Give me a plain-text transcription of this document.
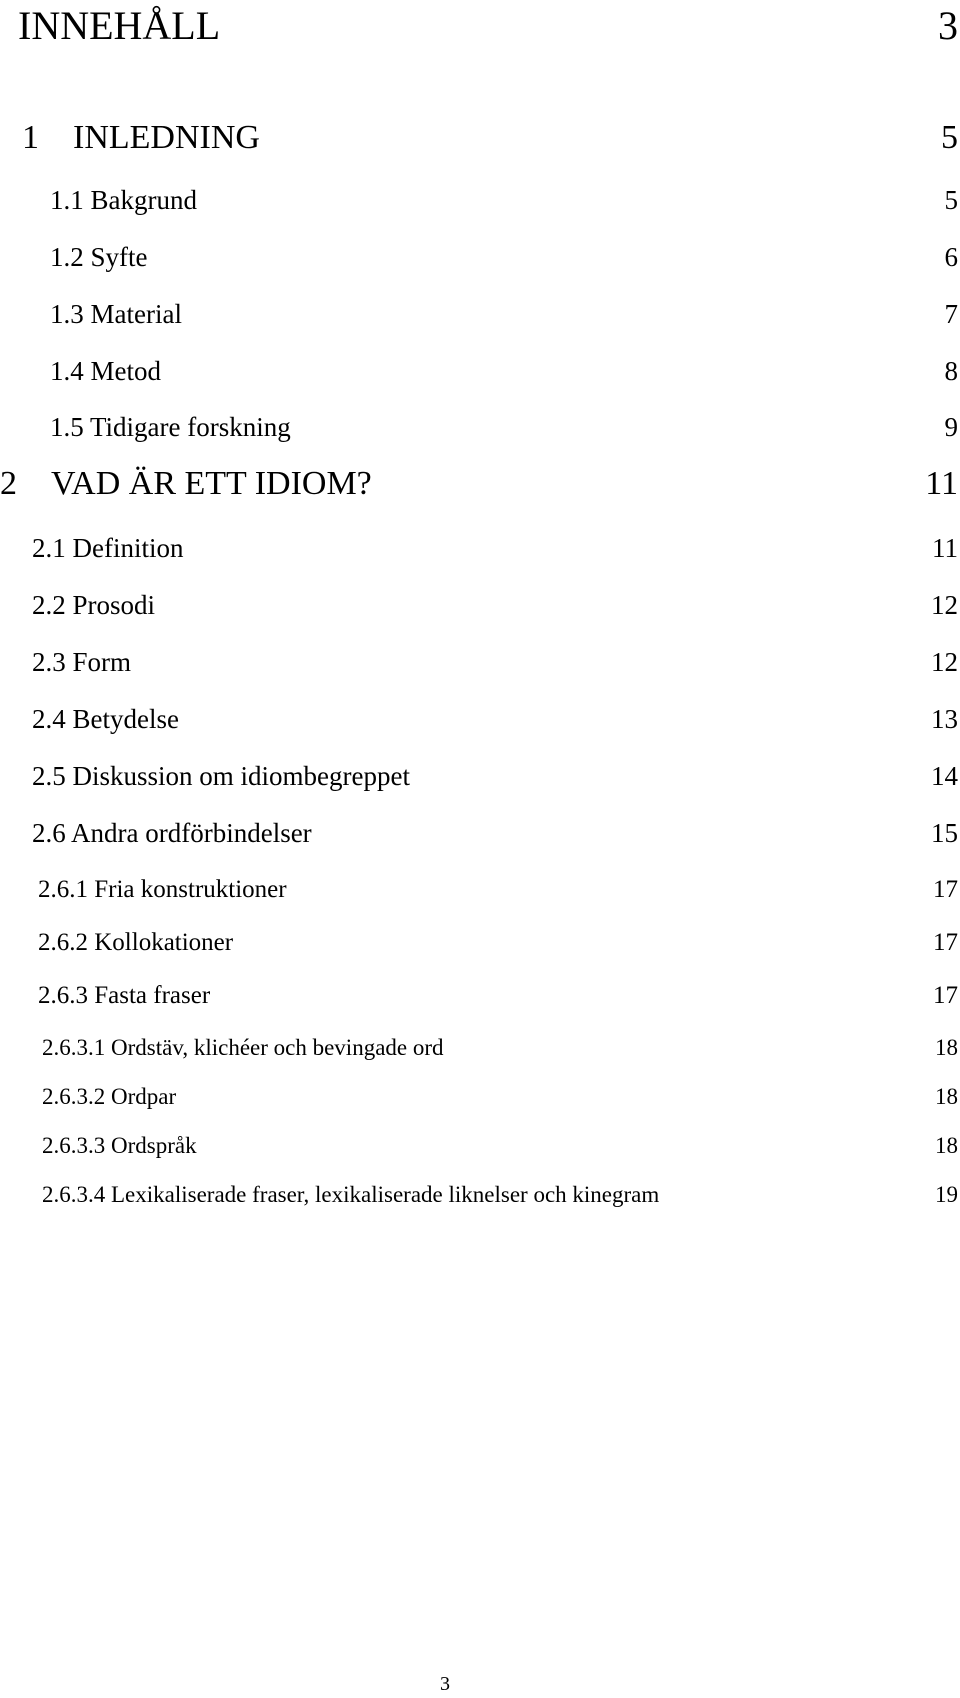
INNEHÅLL	3
1 INLEDNING	5
1.1 Bakgrund	5
1.2 Syfte	6
1.3 Material	7
1.4 Metod	8
1.5 Tidigare forskning	9
2 VAD ÄR ETT IDIOM?	11
2.1 Definition	11
2.2 Prosodi	12
2.3 Form	12
2.4 Betydelse	13
2.5 Diskussion om idiombegreppet	14
2.6 Andra ordförbindelser	15
2.6.1 Fria konstruktioner	17
2.6.2 Kollokationer	17
2.6.3 Fasta fraser	17
2.6.3.1 Ordstäv, klichéer och bevingade ord	18
2.6.3.2 Ordpar	18
2.6.3.3 Ordspråk	18
2.6.3.4 Lexikaliserade fraser, lexikaliserade liknelser och kinegram	19
3
